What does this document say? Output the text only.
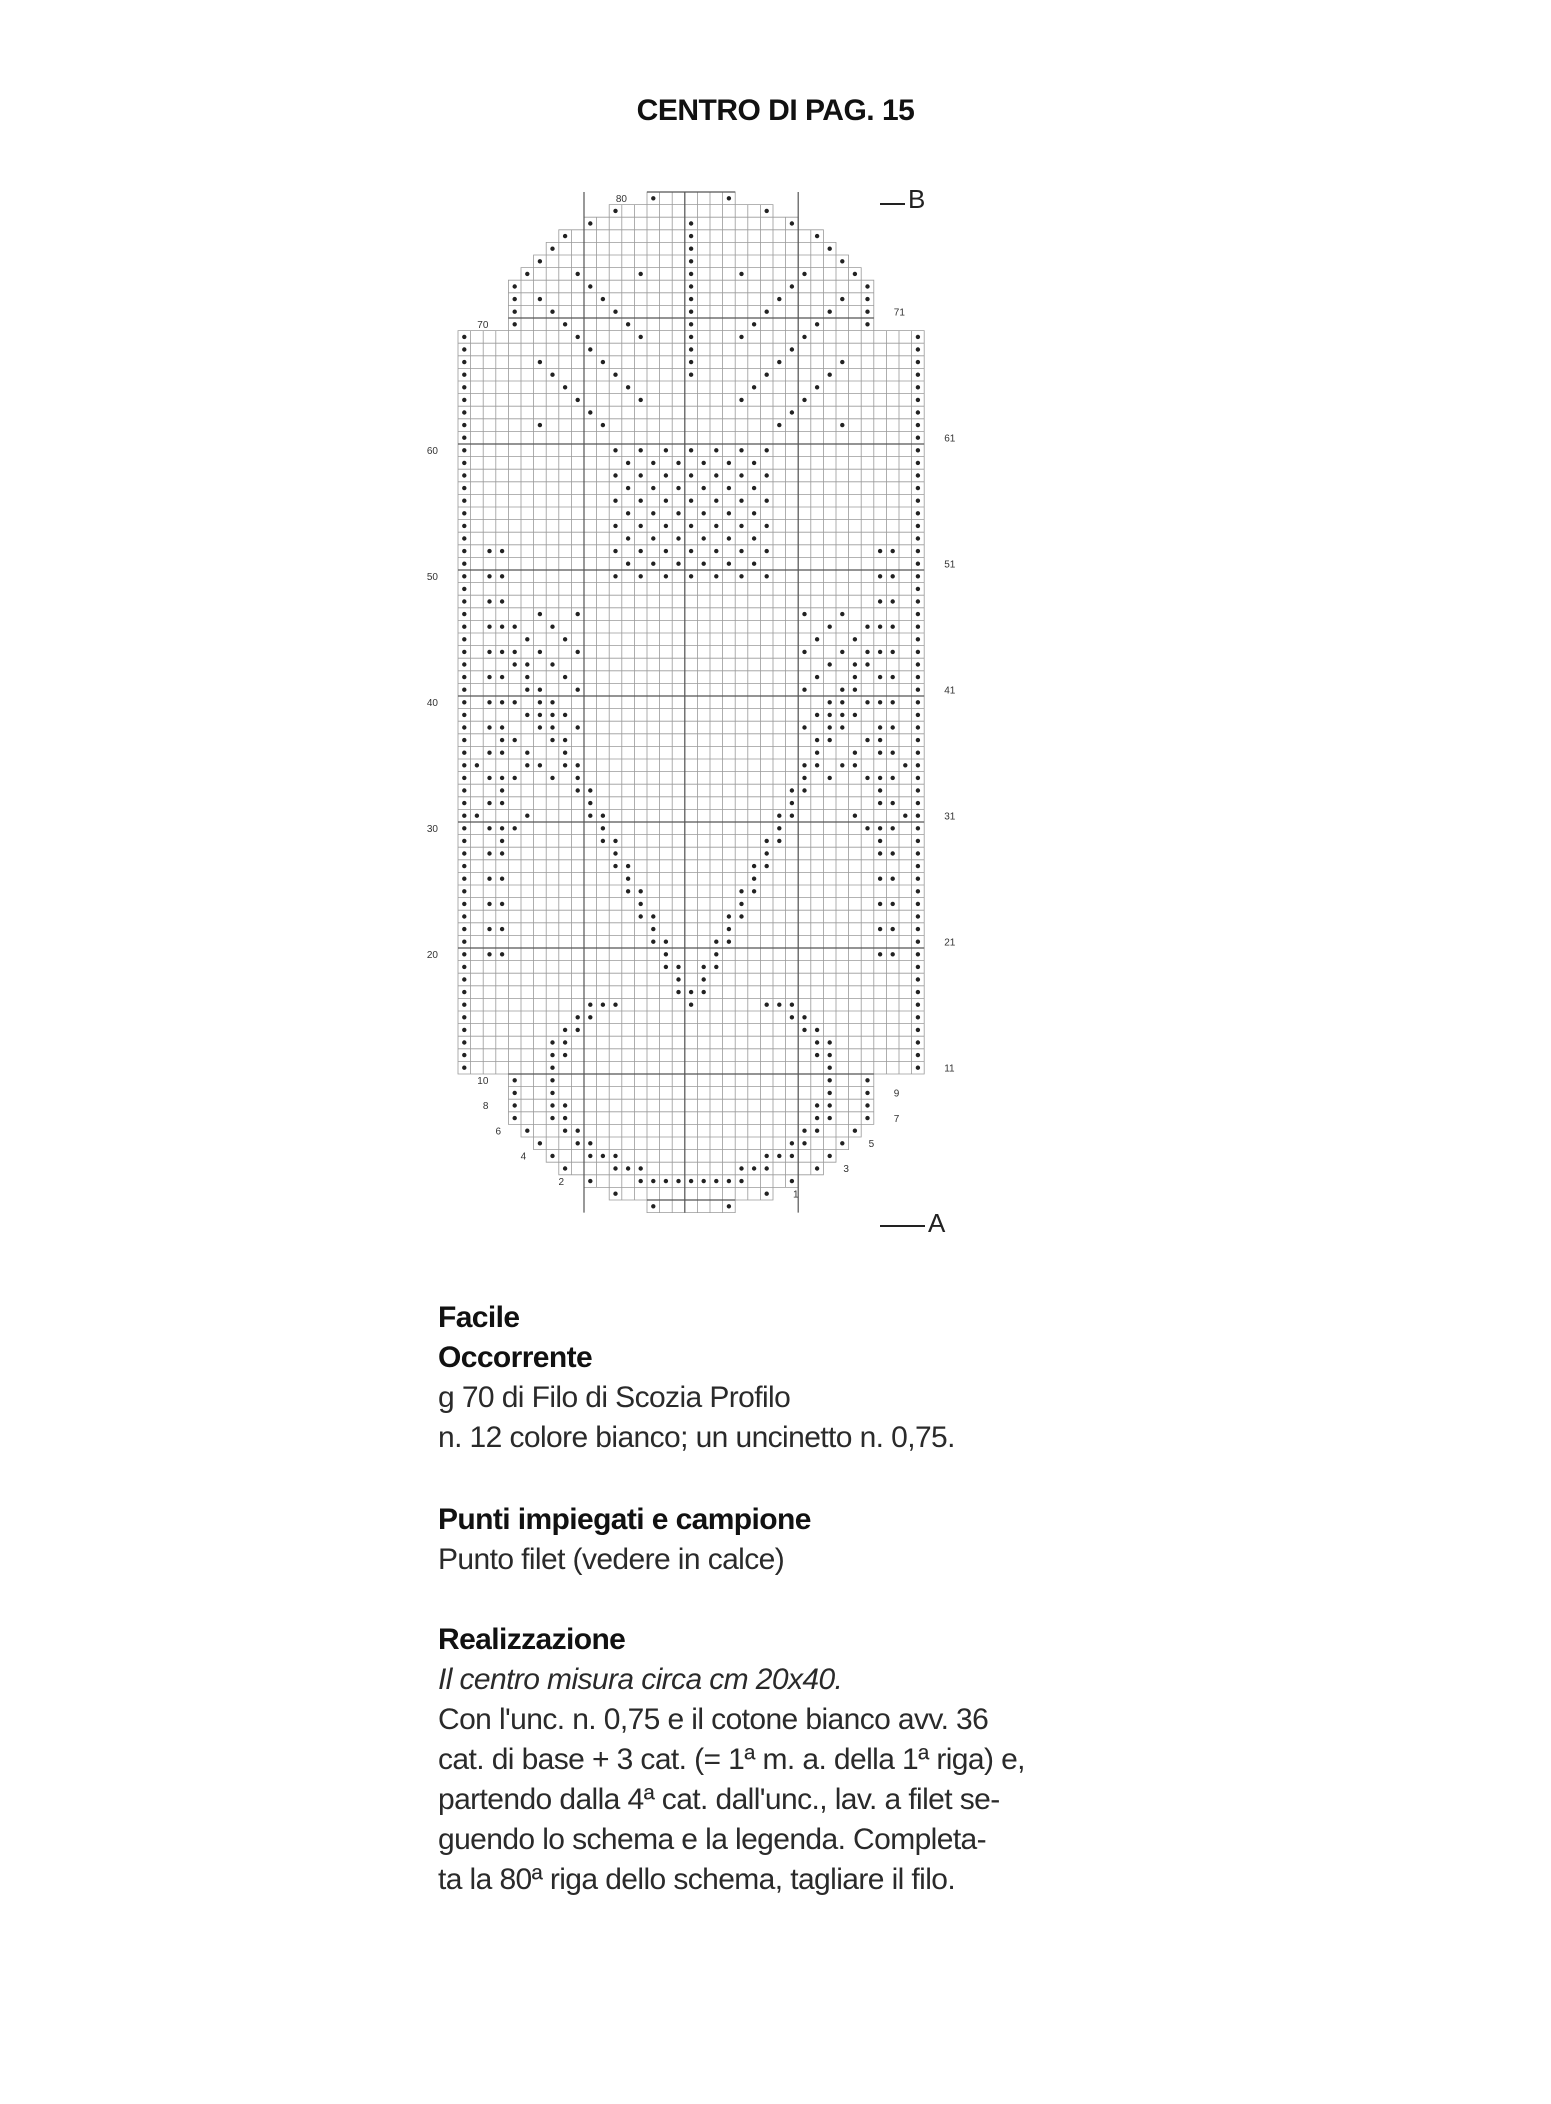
CENTRO DI PAG. 15
80
70
60
50
40
30
20
10
8
6
4
2
71
61
51
41
31
21
11
9
7
5
3
1
B
A
Facile
Occorrente
g 70 di Filo di Scozia Profilo
n. 12 colore bianco; un uncinetto n. 0,75.
Punti impiegati e campione
Punto filet (vedere in calce)
Realizzazione
Il centro misura circa cm 20x40.
Con l'unc. n. 0,75 e il cotone bianco avv. 36
cat. di base + 3 cat. (= 1ª m. a. della 1ª riga) e,
partendo dalla 4ª cat. dall'unc., lav. a filet se-
guendo lo schema e la legenda. Completa-
ta la 80ª riga dello schema, tagliare il filo.
